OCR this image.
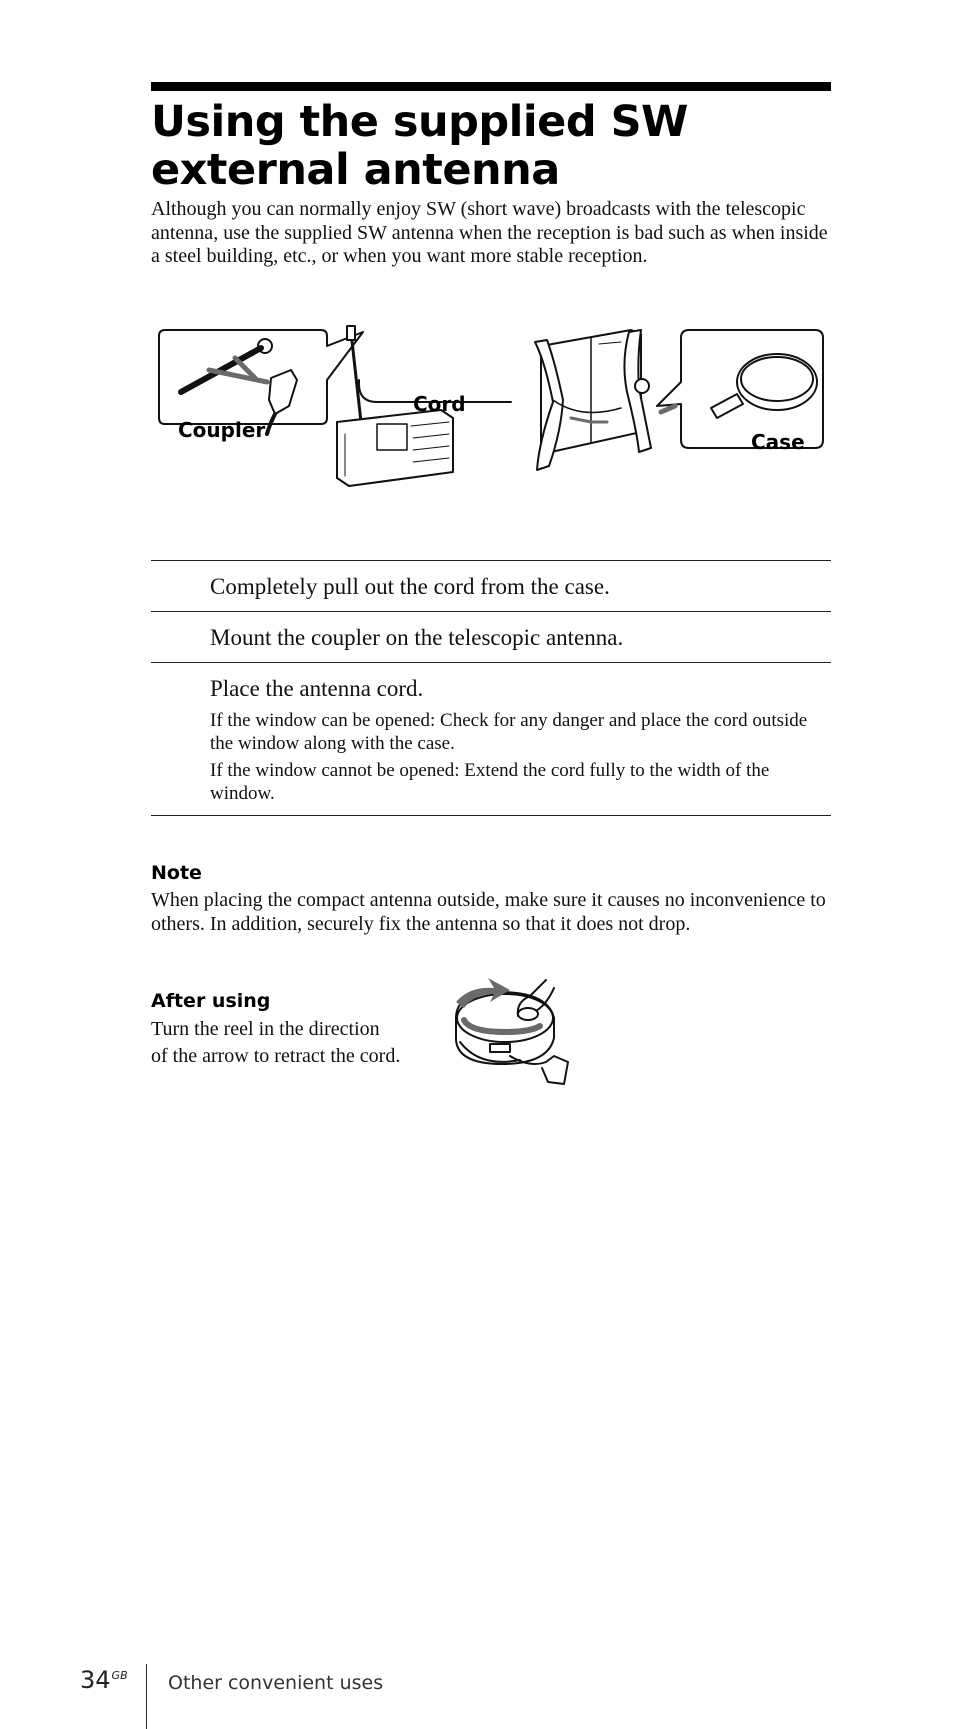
Using the supplied SW external antenna

Although you can normally enjoy SW (short wave) broadcasts with the telescopic antenna, use the supplied SW antenna when the reception is bad such as when inside a steel building, etc., or when you want more stable reception.

Coupler
Cord
Case
Completely pull out the cord from the case.
Mount the coupler on the telescopic antenna.
Place the antenna cord.
If the window can be opened: Check for any danger and place the cord outside the window along with the case.
If the window cannot be opened: Extend the cord fully to the width of the window.
Note

When placing the compact antenna outside, make sure it causes no inconvenience to others. In addition, securely fix the antenna so that it does not drop.

After using
Turn the reel in the direction
of the arrow to retract the cord.
$34^{GB}$ Other convenient uses
